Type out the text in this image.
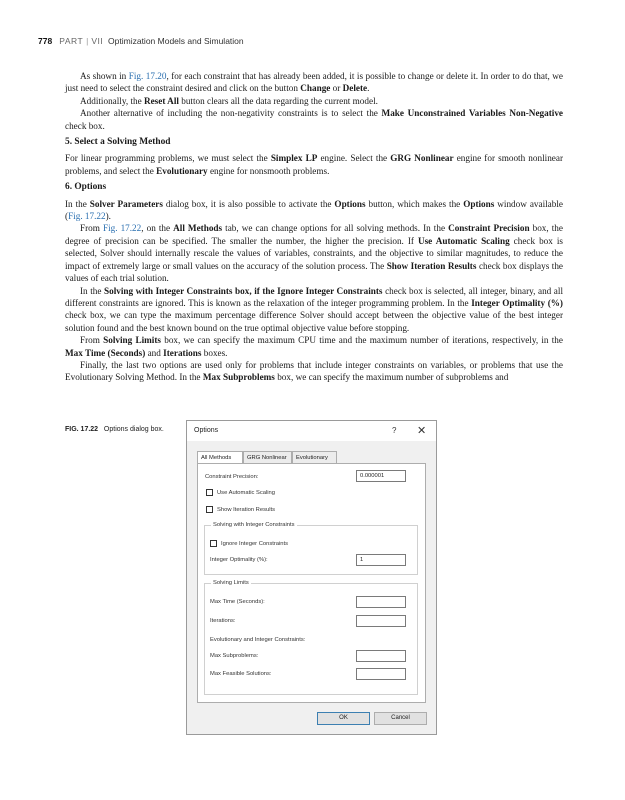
778 PART | VII Optimization Models and Simulation

As shown in Fig. 17.20, for each constraint that has already been added, it is possible to change or delete it. In order to do that, we just need to select the constraint desired and click on the button Change or Delete.

Additionally, the Reset All button clears all the data regarding the current model.

Another alternative of including the non-negativity constraints is to select the Make Unconstrained Variables Non-Negative check box.

5. Select a Solving Method

For linear programming problems, we must select the Simplex LP engine. Select the GRG Nonlinear engine for smooth nonlinear problems, and select the Evolutionary engine for nonsmooth problems.

6. Options

In the Solver Parameters dialog box, it is also possible to activate the Options button, which makes the Options window available (Fig. 17.22).

From Fig. 17.22, on the All Methods tab, we can change options for all solving methods. In the Constraint Precision box, the degree of precision can be specified. The smaller the number, the higher the precision. If Use Automatic Scaling check box is selected, Solver should internally rescale the values of variables, constraints, and the objective to similar magnitudes, to reduce the impact of extremely large or small values on the accuracy of the solution process. The Show Iteration Results check box displays the values of each trial solution.

In the Solving with Integer Constraints box, if the Ignore Integer Constraints check box is selected, all integer, binary, and all different constraints are ignored. This is known as the relaxation of the integer programming problem. In the Integer Optimality (%) check box, we can type the maximum percentage difference Solver should accept between the objective value of the best integer solution found and the best known bound on the true optimal objective value before stopping.

From Solving Limits box, we can specify the maximum CPU time and the maximum number of iterations, respectively, in the Max Time (Seconds) and Iterations boxes.

Finally, the last two options are used only for problems that include integer constraints on variables, or problems that use the Evolutionary Solving Method. In the Max Subproblems box, we can specify the maximum number of subproblems and

FIG. 17.22 Options dialog box.	Options	? ✕
All Methods	GRG Nonlinear	Evolutionary
Constraint Precision:	0.000001
Use Automatic Scaling
Show Iteration Results
Solving with Integer Constraints
Ignore Integer Constraints
Integer Optimality (%):	1
Solving Limits
Max Time (Seconds):
Iterations:
Evolutionary and Integer Constraints:
Max Subproblems:
Max Feasible Solutions:
OK	Cancel
